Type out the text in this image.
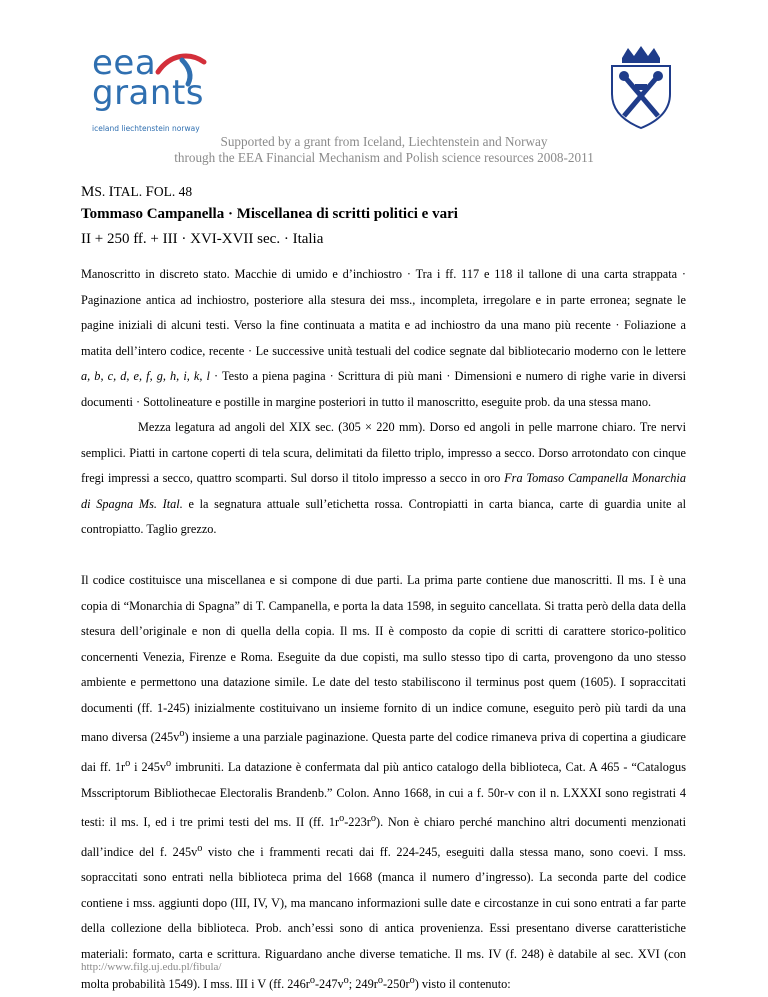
eea
grants
iceland liechtenstein norway
Supported by a grant from Iceland, Liechtenstein and Norway
through the EEA Financial Mechanism and Polish science resources 2008-2011
MS. ITAL. FOL. 48
Tommaso Campanella · Miscellanea di scritti politici e vari
II + 250 ff. + III · XVI-XVII sec. · Italia

Manoscritto in discreto stato. Macchie di umido e d’inchiostro · Tra i ff. 117 e 118 il tallone di una carta strappata · Paginazione antica ad inchiostro, posteriore alla stesura dei mss., incompleta, irregolare e in parte erronea; segnate le pagine iniziali di alcuni testi. Verso la fine continuata a matita e ad inchiostro da una mano più recente · Foliazione a matita dell’intero codice, recente · Le successive unità testuali del codice segnate dal bibliotecario moderno con le lettere a, b, c, d, e, f, g, h, i, k, l · Testo a piena pagina · Scrittura di più mani · Dimensioni e numero di righe varie in diversi documenti · Sottolineature e postille in margine posteriori in tutto il manoscritto, eseguite prob. da una stessa mano.
Mezza legatura ad angoli del XIX sec. (305 × 220 mm). Dorso ed angoli in pelle marrone chiaro. Tre nervi semplici. Piatti in cartone coperti di tela scura, delimitati da filetto triplo, impresso a secco. Dorso arrotondato con cinque fregi impressi a secco, quattro scomparti. Sul dorso il titolo impresso a secco in oro Fra Tomaso Campanella Monarchia di Spagna Ms. Ital. e la segnatura attuale sull’etichetta rossa. Contropiatti in carta bianca, carte di guardia unite al contropiatto. Taglio grezzo.

Il codice costituisce una miscellanea e si compone di due parti. La prima parte contiene due manoscritti. Il ms. I è una copia di “Monarchia di Spagna” di T. Campanella, e porta la data 1598, in seguito cancellata. Si tratta però della data della stesura dell’originale e non di quella della copia. Il ms. II è composto da copie di scritti di carattere storico-politico concernenti Venezia, Firenze e Roma. Eseguite da due copisti, ma sullo stesso tipo di carta, provengono da uno stesso ambiente e permettono una datazione simile. Le date del testo stabiliscono il terminus post quem (1605). I sopraccitati documenti (ff. 1-245) inizialmente costituivano un insieme fornito di un indice comune, eseguito però più tardi da una mano diversa $(245v^o)$ insieme a una parziale paginazione. Questa parte del codice rimaneva priva di copertina a giudicare dai ff. $1r^o$ i $245v^o$ imbruniti. La datazione è confermata dal più antico catalogo della biblioteca, Cat. A 465 - “Catalogus Msscriptorum Bibliothecae Electoralis Brandenb.” Colon. Anno 1668, in cui a f. 50r-v con il n. LXXXI sono registrati 4 testi: il ms. I, ed i tre primi testi del ms. II (ff. $1r^o-223r^o$). Non è chiaro perché manchino altri documenti menzionati dall’indice del f. $245v^o$ visto che i frammenti recati dai ff. 224-245, eseguiti dalla stessa mano, sono coevi. I mss. sopraccitati sono entrati nella biblioteca prima del 1668 (manca il numero d’ingresso). La seconda parte del codice contiene i mss. aggiunti dopo (III, IV, V), ma mancano informazioni sulle date e circostanze in cui sono entrati a far parte della collezione della biblioteca. Prob. anch’essi sono di antica provenienza. Essi presentano diverse caratteristiche materiali: formato, carta e scrittura. Riguardano anche diverse tematiche. Il ms. IV (f. 248) è databile al sec. XVI (con molta probabilità 1549). I mss. III i V (ff. $246r^o-247v^o$; $249r^o-250r^o$) visto il contenuto:

http://www.filg.uj.edu.pl/fibula/
